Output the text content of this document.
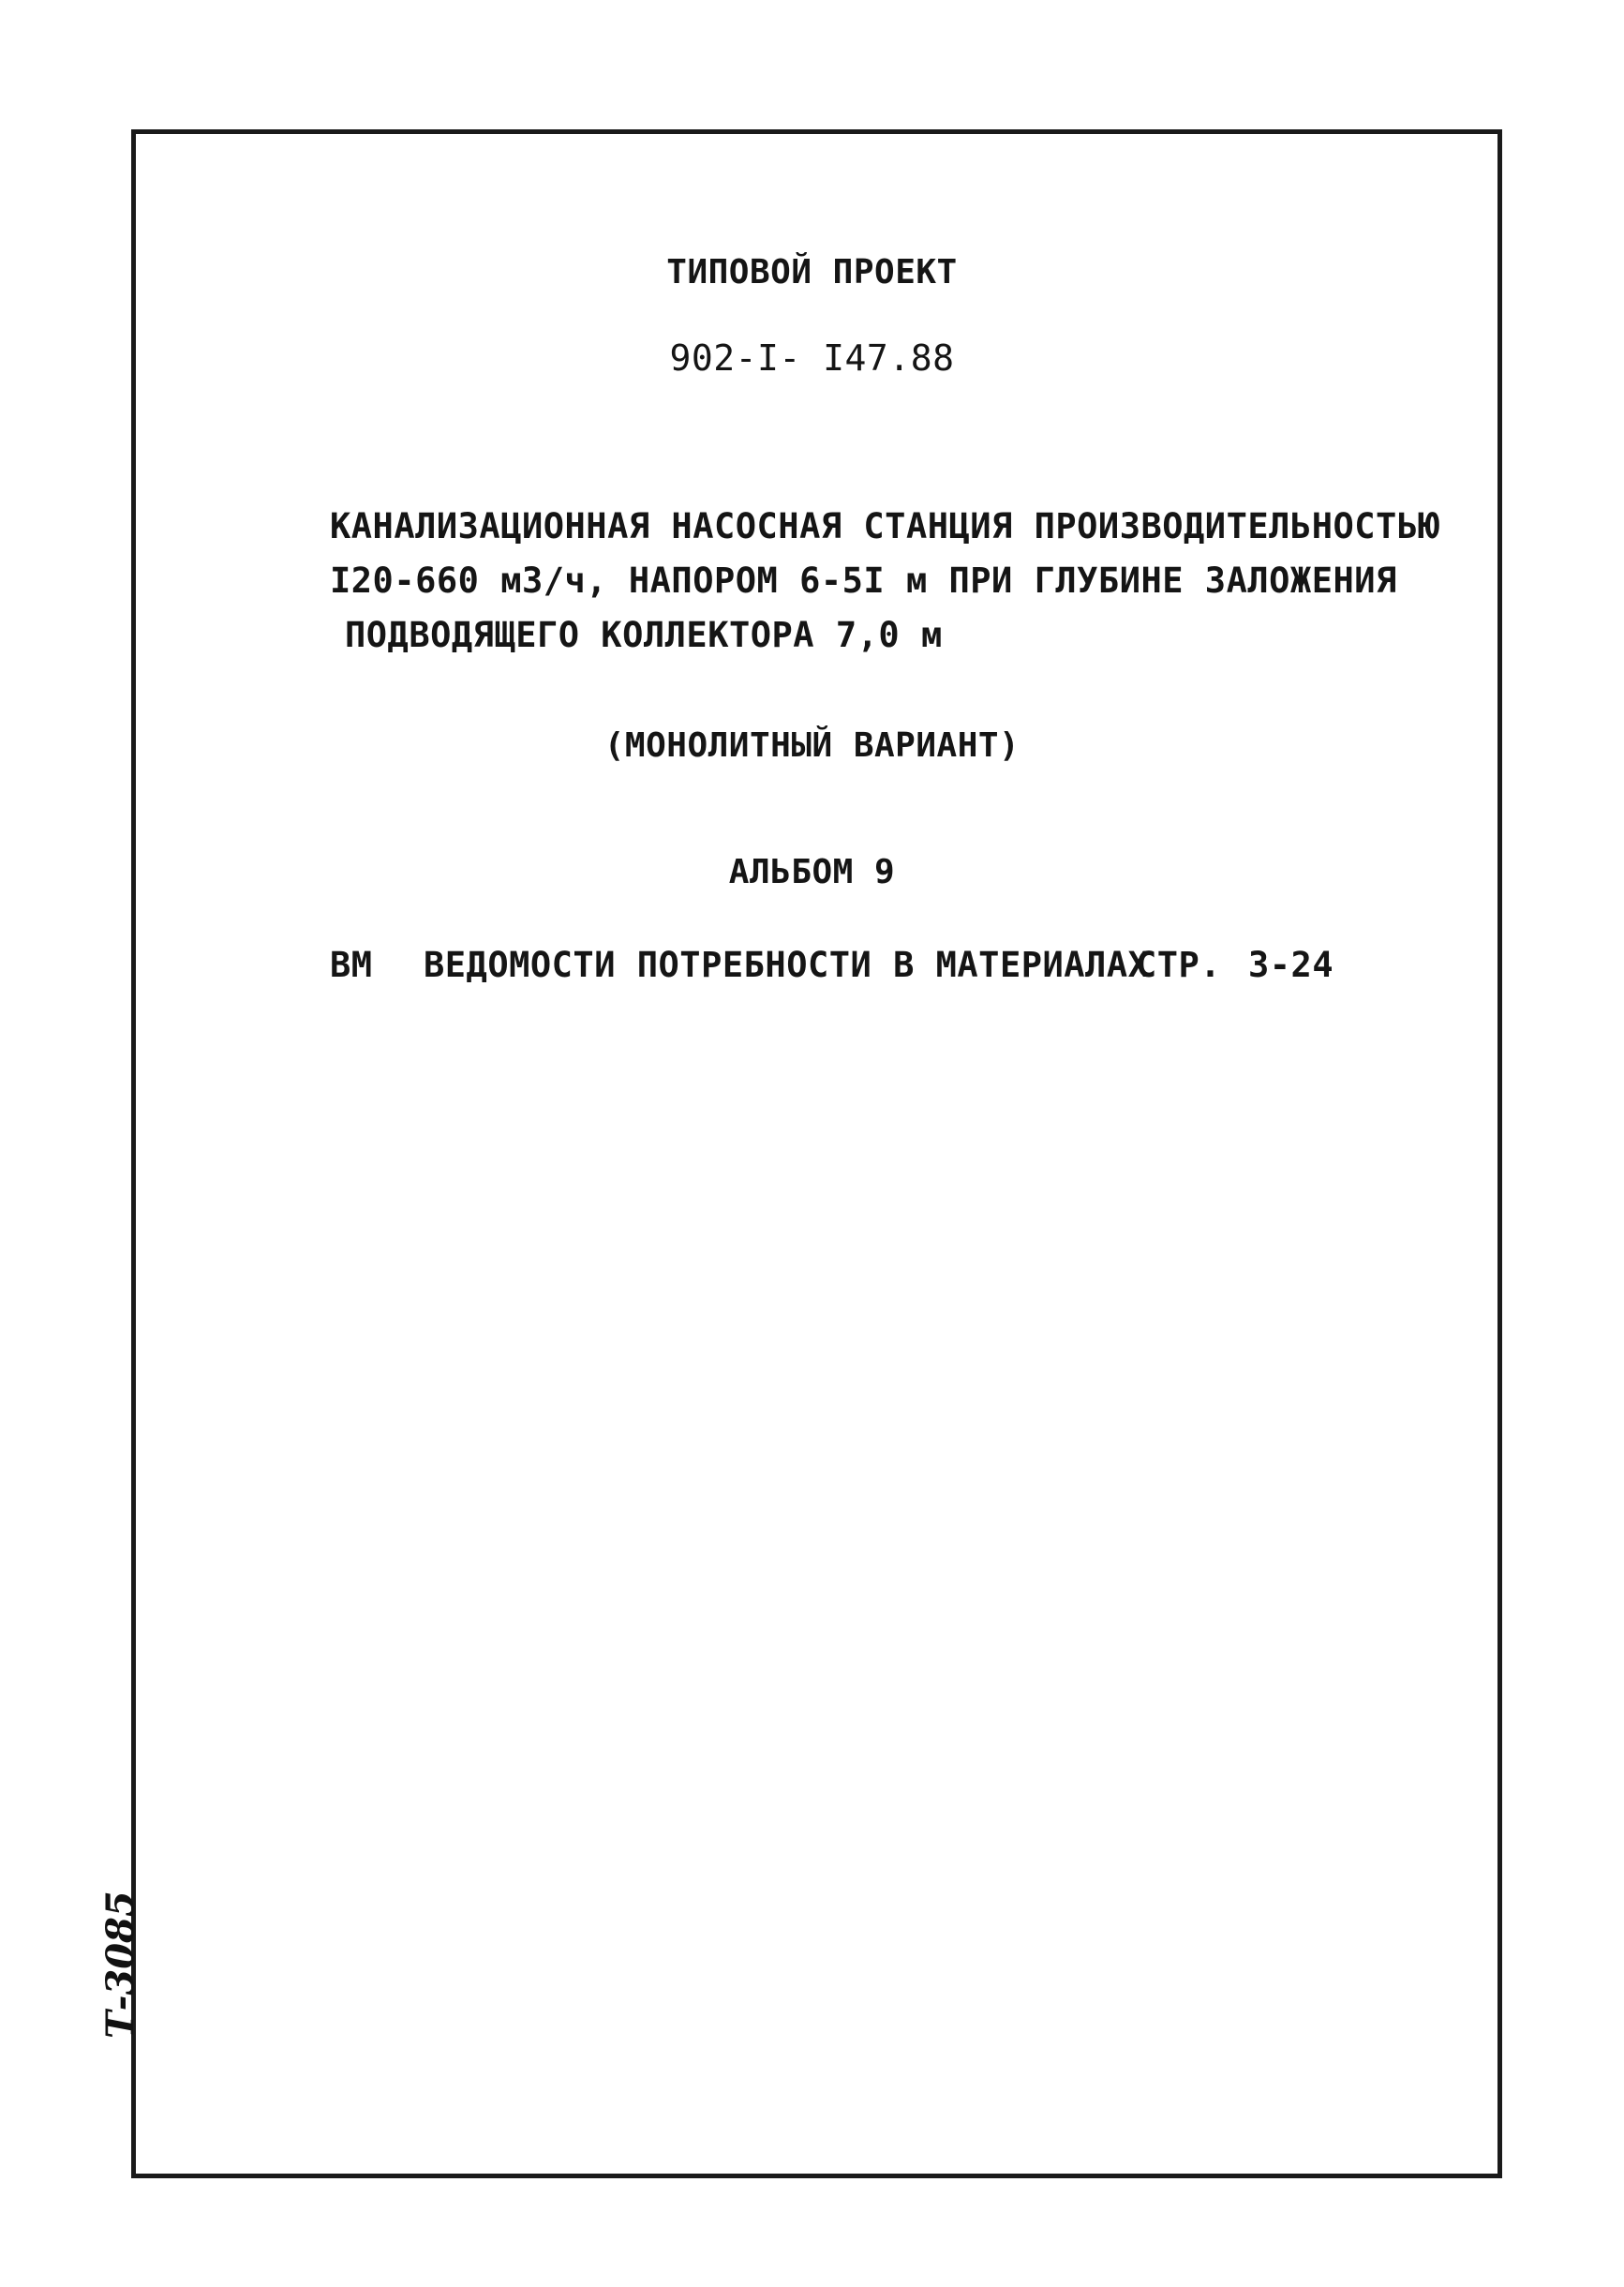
ТИПОВОЙ ПРОЕКТ
902-I- I47.88
КАНАЛИЗАЦИОННАЯ НАСОСНАЯ СТАНЦИЯ ПРОИЗВОДИТЕЛЬНОСТЬЮ
I20-660 м3/ч, НАПОРОМ 6-5I м ПРИ ГЛУБИНЕ ЗАЛОЖЕНИЯ
ПОДВОДЯЩЕГО КОЛЛЕКТОРА 7,0 м
(МОНОЛИТНЫЙ ВАРИАНТ)
АЛЬБОМ 9
ВМ ВЕДОМОСТИ ПОТРЕБНОСТИ В МАТЕРИАЛАХСТР. 3-24
Т-3085
